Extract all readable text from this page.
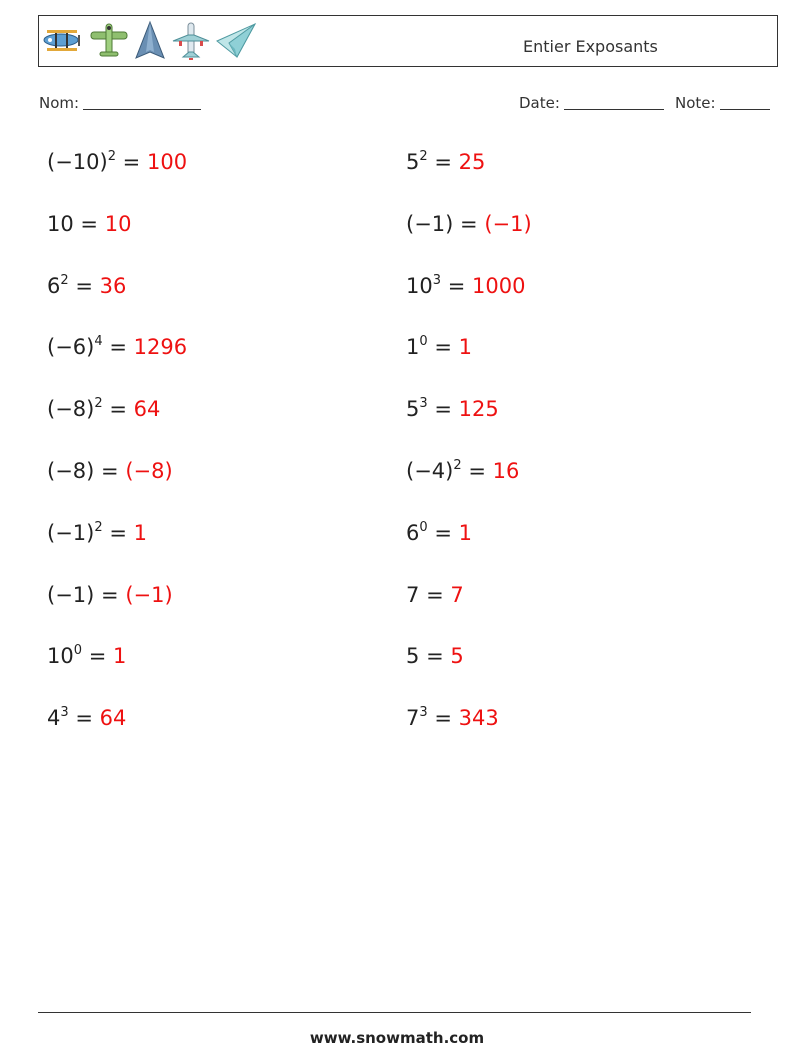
Entier Exposants
Nom:	Date:	Note:
$(-10)^2 = 100$
10 = 10
$6^2 = 36$
$(-6)^4 = 1296$
$(-8)^2 = 64$
(−8) = (−8)
$(-1)^2 = 1$
(−1) = (−1)
$10^0 = 1$
$4^3 = 64$
$5^2 = 25$
(−1) = (−1)
$10^3 = 1000$
$1^0 = 1$
$5^3 = 125$
$(-4)^2 = 16$
$6^0 = 1$
7 = 7
5 = 5
$7^3 = 343$
www.snowmath.com
